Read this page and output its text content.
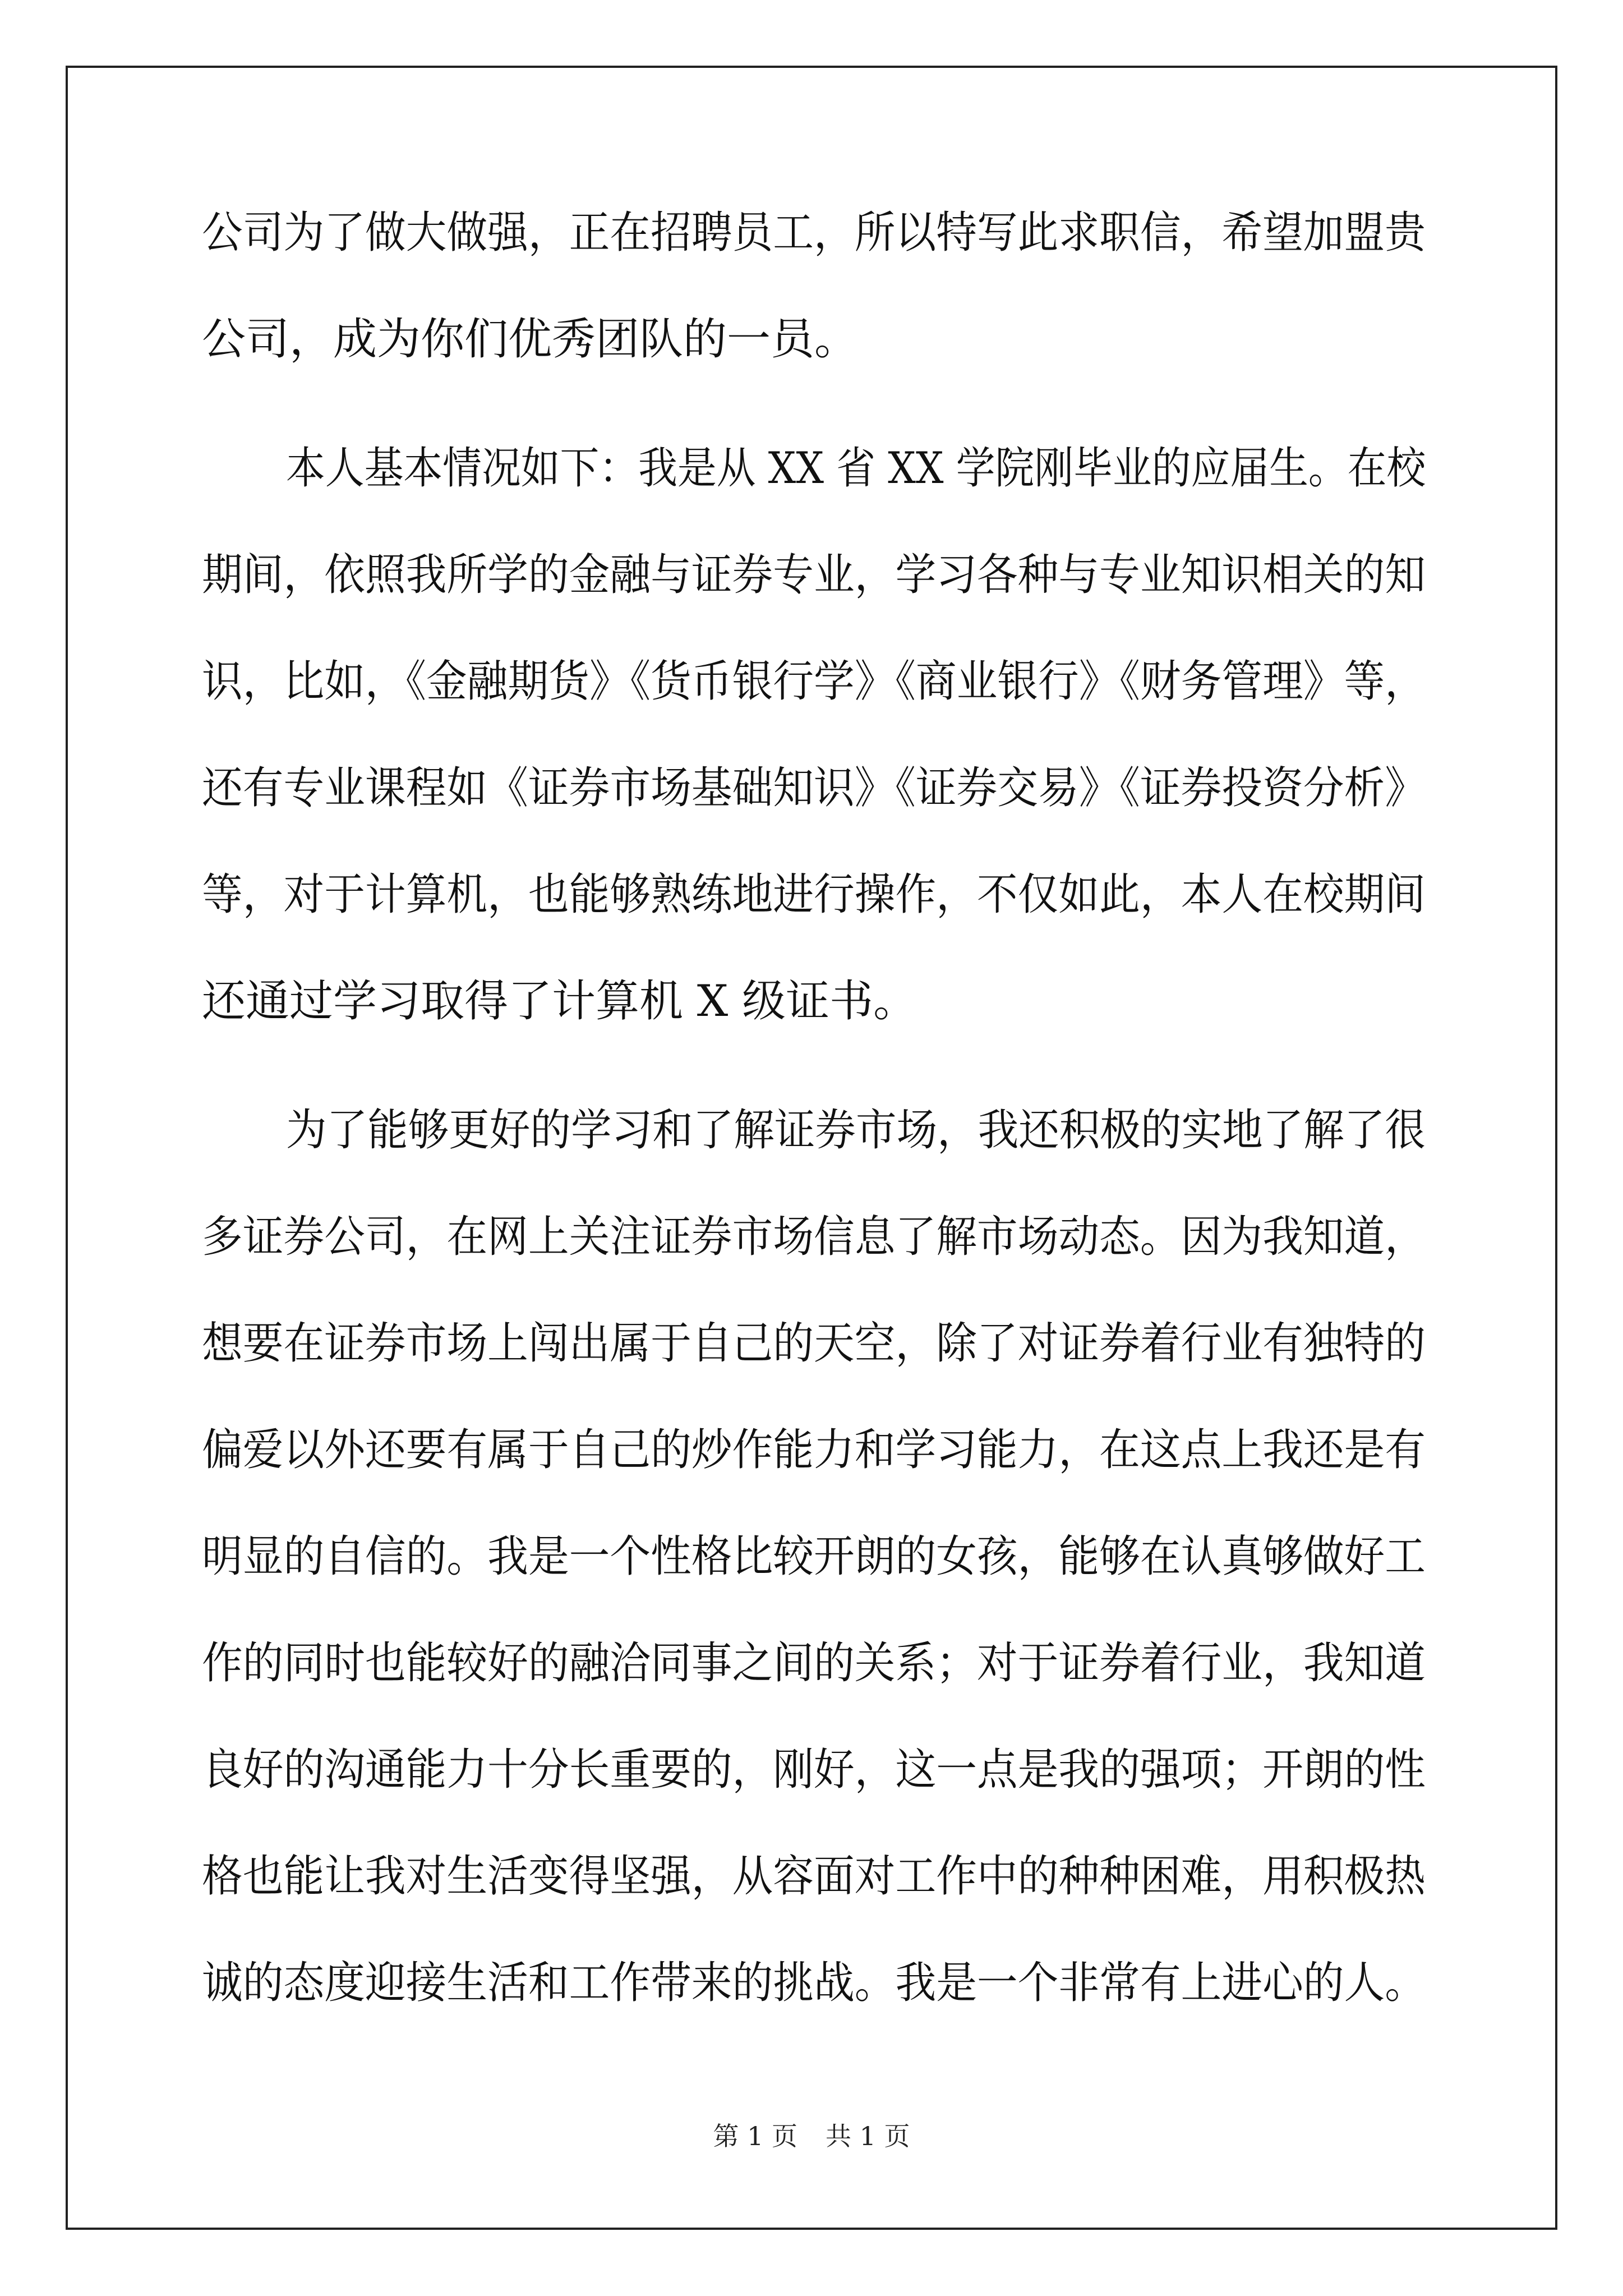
公司为了做大做强，正在招聘员工，所以特写此求职信，希望加盟贵
公司，成为你们优秀团队的一员。
本人基本情况如下：我是从 XX 省 XX 学院刚毕业的应届生。在校
期间，依照我所学的金融与证券专业，学习各种与专业知识相关的知
识，比如，《金融期货》《货币银行学》《商业银行》《财务管理》等，
还有专业课程如《证券市场基础知识》《证券交易》《证券投资分析》
等，对于计算机，也能够熟练地进行操作，不仅如此，本人在校期间
还通过学习取得了计算机 X 级证书。
为了能够更好的学习和了解证券市场，我还积极的实地了解了很
多证券公司，在网上关注证券市场信息了解市场动态。因为我知道，
想要在证券市场上闯出属于自己的天空，除了对证券着行业有独特的
偏爱以外还要有属于自己的炒作能力和学习能力，在这点上我还是有
明显的自信的。我是一个性格比较开朗的女孩，能够在认真够做好工
作的同时也能较好的融洽同事之间的关系；对于证券着行业，我知道
良好的沟通能力十分长重要的，刚好，这一点是我的强项；开朗的性
格也能让我对生活变得坚强，从容面对工作中的种种困难，用积极热
诚的态度迎接生活和工作带来的挑战。我是一个非常有上进心的人。
第 1 页 共 1 页
